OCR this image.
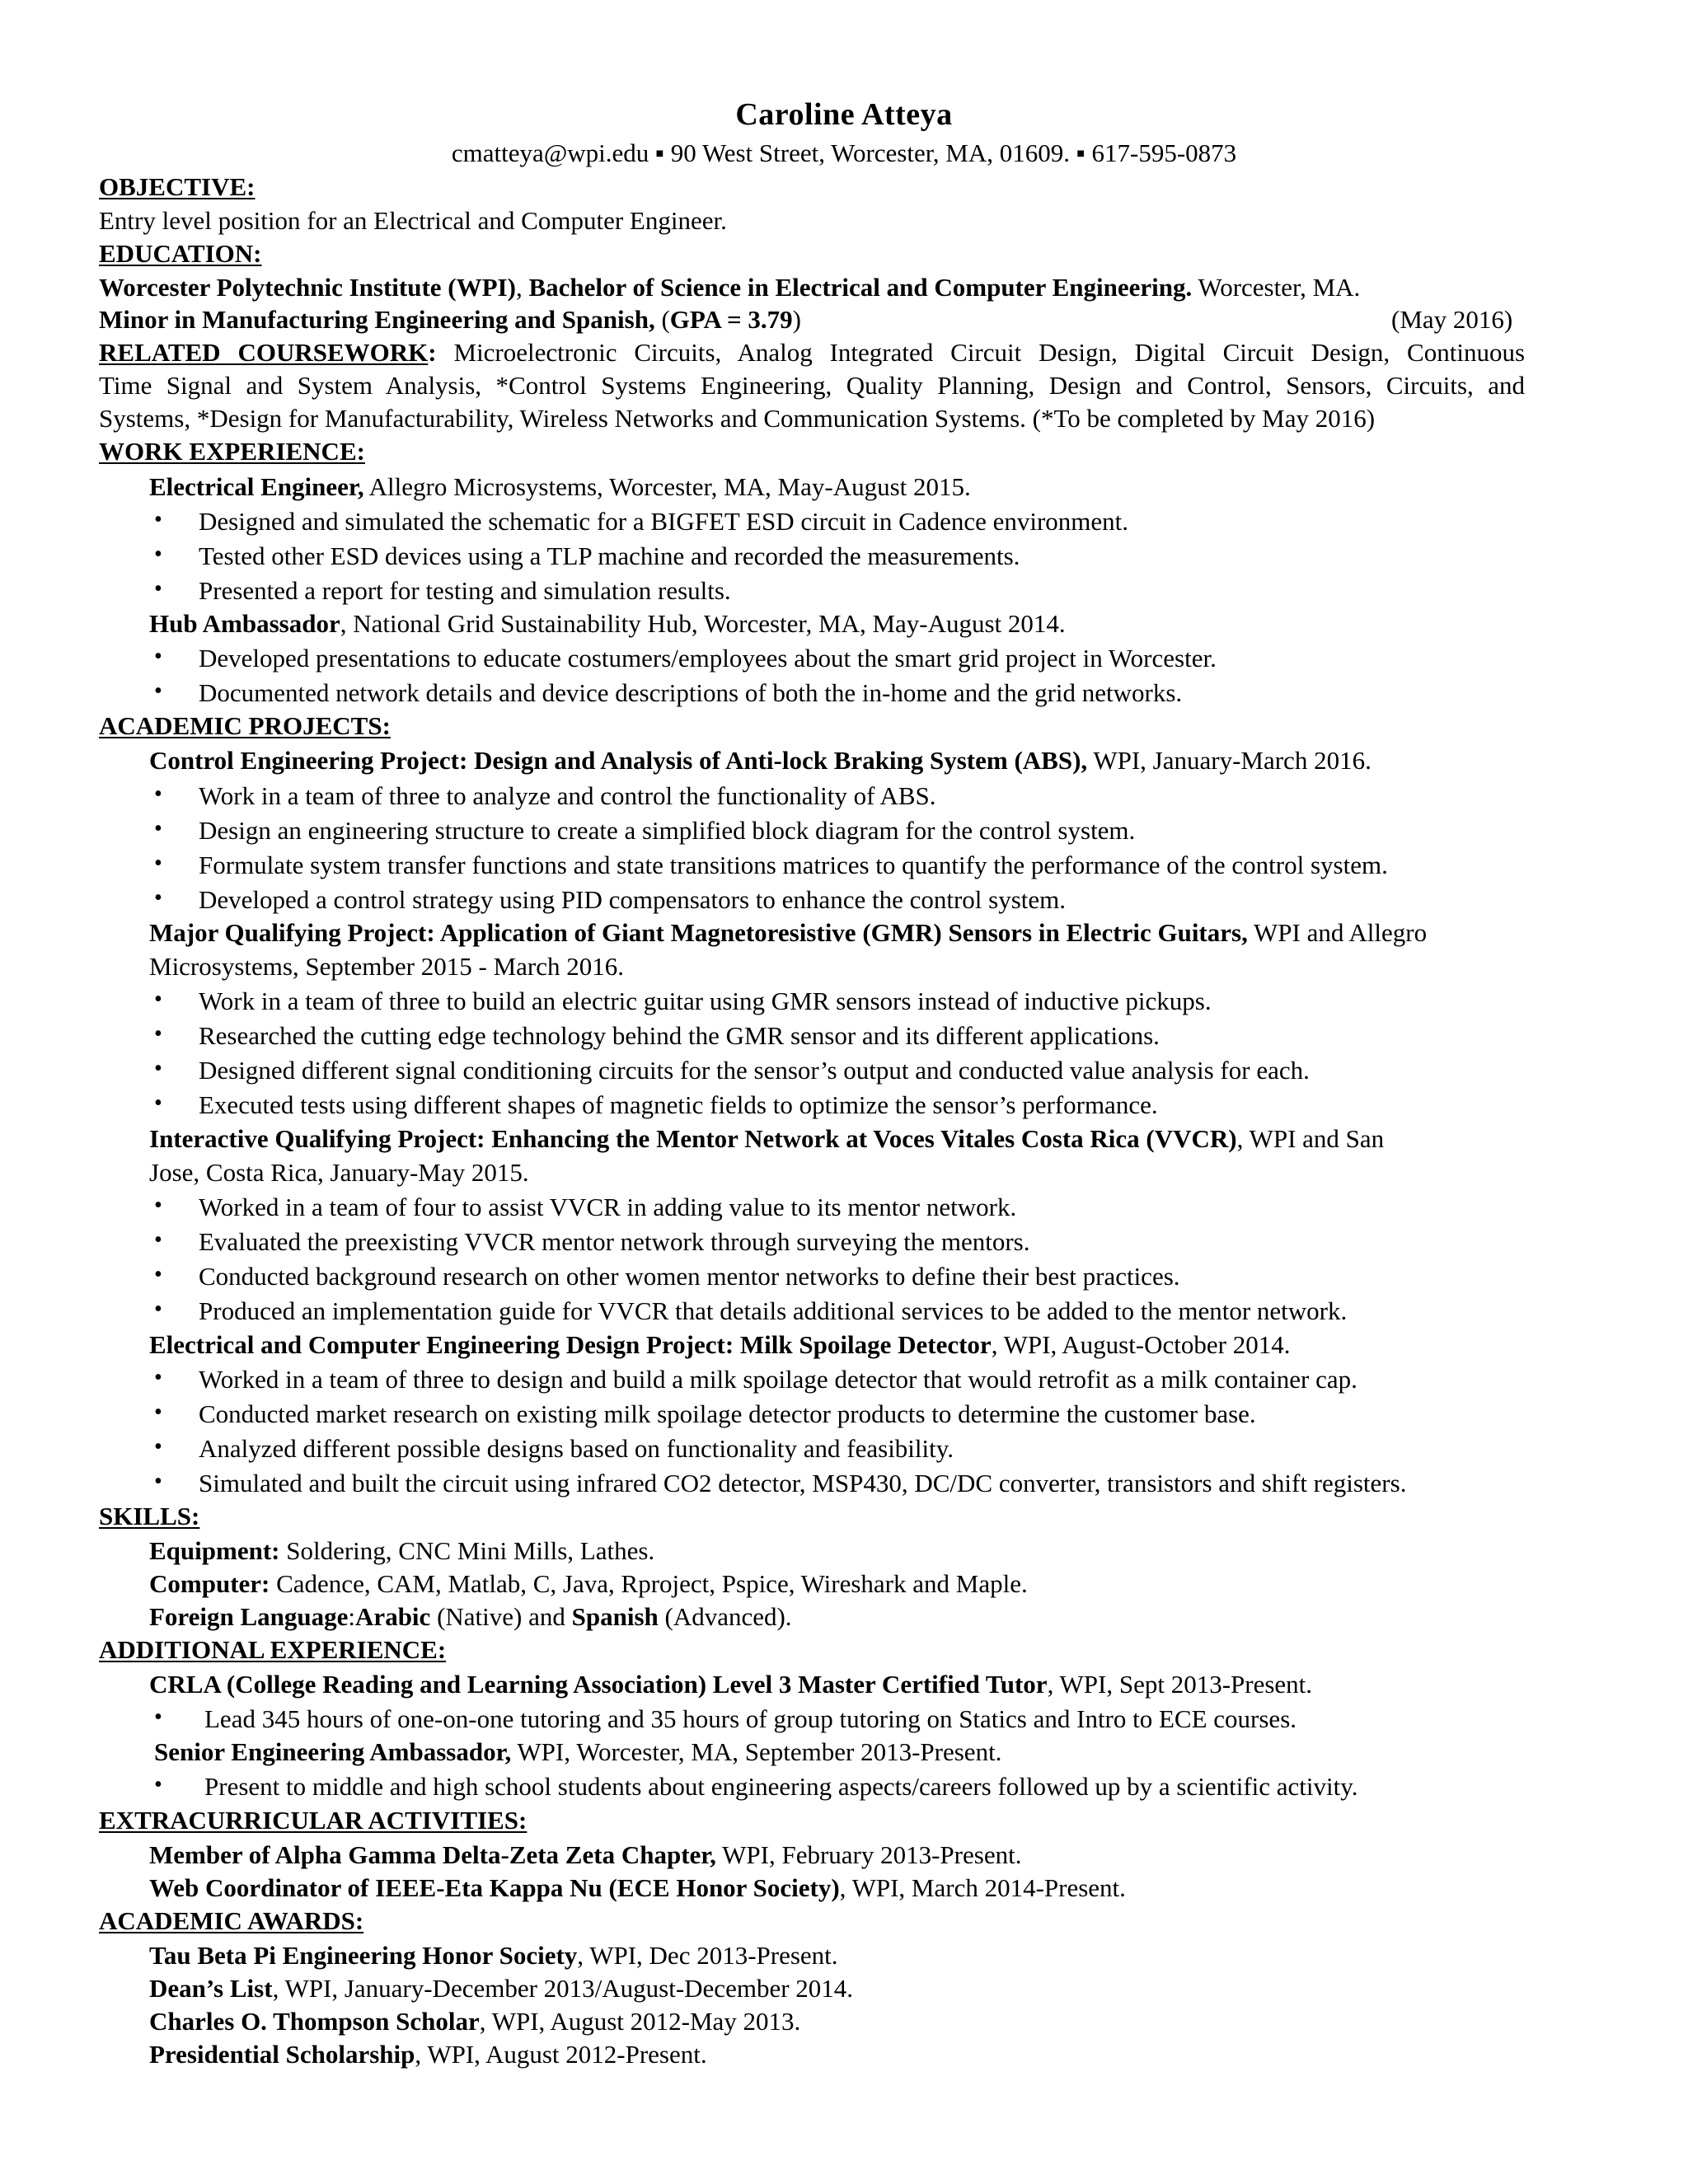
Caroline Atteya
cmatteya@wpi.edu ▪ 90 West Street, Worcester, MA, 01609. ▪ 617-595-0873
OBJECTIVE:
Entry level position for an Electrical and Computer Engineer.
EDUCATION:
Worcester Polytechnic Institute (WPI), Bachelor of Science in Electrical and Computer Engineering. Worcester, MA.
Minor in Manufacturing Engineering and Spanish, (GPA = 3.79)	(May 2016)
RELATED COURSEWORK: Microelectronic Circuits, Analog Integrated Circuit Design, Digital Circuit Design, Continuous
Time Signal and System Analysis, *Control Systems Engineering, Quality Planning, Design and Control, Sensors, Circuits, and
Systems, *Design for Manufacturability, Wireless Networks and Communication Systems. (*To be completed by May 2016)
WORK EXPERIENCE:
Electrical Engineer, Allegro Microsystems, Worcester, MA, May-August 2015.
• Designed and simulated the schematic for a BIGFET ESD circuit in Cadence environment.
• Tested other ESD devices using a TLP machine and recorded the measurements.
• Presented a report for testing and simulation results.
Hub Ambassador, National Grid Sustainability Hub, Worcester, MA, May-August 2014.
• Developed presentations to educate costumers/employees about the smart grid project in Worcester.
• Documented network details and device descriptions of both the in-home and the grid networks.
ACADEMIC PROJECTS:
Control Engineering Project: Design and Analysis of Anti-lock Braking System (ABS), WPI, January-March 2016.
• Work in a team of three to analyze and control the functionality of ABS.
• Design an engineering structure to create a simplified block diagram for the control system.
• Formulate system transfer functions and state transitions matrices to quantify the performance of the control system.
• Developed a control strategy using PID compensators to enhance the control system.
Major Qualifying Project: Application of Giant Magnetoresistive (GMR) Sensors in Electric Guitars, WPI and Allegro
Microsystems, September 2015 - March 2016.
• Work in a team of three to build an electric guitar using GMR sensors instead of inductive pickups.
• Researched the cutting edge technology behind the GMR sensor and its different applications.
• Designed different signal conditioning circuits for the sensor’s output and conducted value analysis for each.
• Executed tests using different shapes of magnetic fields to optimize the sensor’s performance.
Interactive Qualifying Project: Enhancing the Mentor Network at Voces Vitales Costa Rica (VVCR), WPI and San
Jose, Costa Rica, January-May 2015.
• Worked in a team of four to assist VVCR in adding value to its mentor network.
• Evaluated the preexisting VVCR mentor network through surveying the mentors.
• Conducted background research on other women mentor networks to define their best practices.
• Produced an implementation guide for VVCR that details additional services to be added to the mentor network.
Electrical and Computer Engineering Design Project: Milk Spoilage Detector, WPI, August-October 2014.
• Worked in a team of three to design and build a milk spoilage detector that would retrofit as a milk container cap.
• Conducted market research on existing milk spoilage detector products to determine the customer base.
• Analyzed different possible designs based on functionality and feasibility.
• Simulated and built the circuit using infrared CO2 detector, MSP430, DC/DC converter, transistors and shift registers.
SKILLS:
Equipment: Soldering, CNC Mini Mills, Lathes.
Computer: Cadence, CAM, Matlab, C, Java, Rproject, Pspice, Wireshark and Maple.
Foreign Language:Arabic (Native) and Spanish (Advanced).
ADDITIONAL EXPERIENCE:
CRLA (College Reading and Learning Association) Level 3 Master Certified Tutor, WPI, Sept 2013-Present.
• Lead 345 hours of one-on-one tutoring and 35 hours of group tutoring on Statics and Intro to ECE courses.
Senior Engineering Ambassador, WPI, Worcester, MA, September 2013-Present.
• Present to middle and high school students about engineering aspects/careers followed up by a scientific activity.
EXTRACURRICULAR ACTIVITIES:
Member of Alpha Gamma Delta-Zeta Zeta Chapter, WPI, February 2013-Present.
Web Coordinator of IEEE-Eta Kappa Nu (ECE Honor Society), WPI, March 2014-Present.
ACADEMIC AWARDS:
Tau Beta Pi Engineering Honor Society, WPI, Dec 2013-Present.
Dean’s List, WPI, January-December 2013/August-December 2014.
Charles O. Thompson Scholar, WPI, August 2012-May 2013.
Presidential Scholarship, WPI, August 2012-Present.
